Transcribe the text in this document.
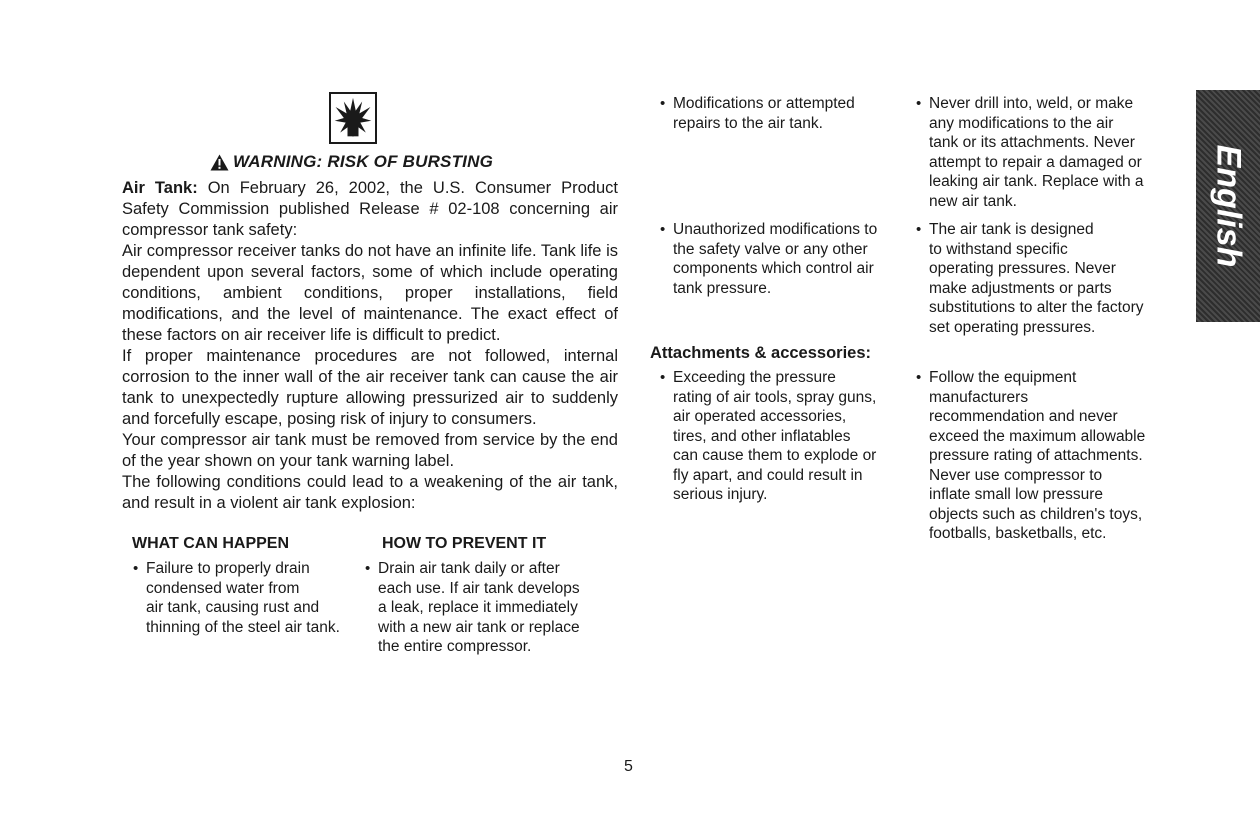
WARNING: RISK OF BURSTING

Air Tank: On February 26, 2002, the U.S. Consumer Product Safety Commission published Release # 02-108 concerning air compressor tank safety:

Air compressor receiver tanks do not have an infinite life. Tank life is dependent upon several factors, some of which include operating conditions, ambient conditions, proper installations, field modifications, and the level of maintenance. The exact effect of these factors on air receiver life is difficult to predict.

If proper maintenance procedures are not followed, internal corrosion to the inner wall of the air receiver tank can cause the air tank to unexpectedly rupture allowing pressurized air to suddenly and forcefully escape, posing risk of injury to consumers.

Your compressor air tank must be removed from service by the end of the year shown on your tank warning label.

The following conditions could lead to a weakening of the air tank, and result in a violent air tank explosion:

WHAT CAN HAPPEN	HOW TO PREVENT IT
• Failure to properly drain
condensed water from
air tank, causing rust and
thinning of the steel air tank.

• Drain air tank daily or after
each use. If air tank develops
a leak, replace it immediately
with a new air tank or replace
the entire compressor.

• Modifications or attempted
repairs to the air tank.

• Never drill into, weld, or make
any modifications to the air
tank or its attachments. Never
attempt to repair a damaged or
leaking air tank. Replace with a
new air tank.

• Unauthorized modifications to
the safety valve or any other
components which control air
tank pressure.

• The air tank is designed
to withstand specific
operating pressures. Never
make adjustments or parts
substitutions to alter the factory
set operating pressures.

Attachments & accessories:
• Exceeding the pressure
rating of air tools, spray guns,
air operated accessories,
tires, and other inflatables
can cause them to explode or
fly apart, and could result in
serious injury.

• Follow the equipment
manufacturers
recommendation and never
exceed the maximum allowable
pressure rating of attachments.
Never use compressor to
inflate small low pressure
objects such as children's toys,
footballs, basketballs, etc.

English
5
